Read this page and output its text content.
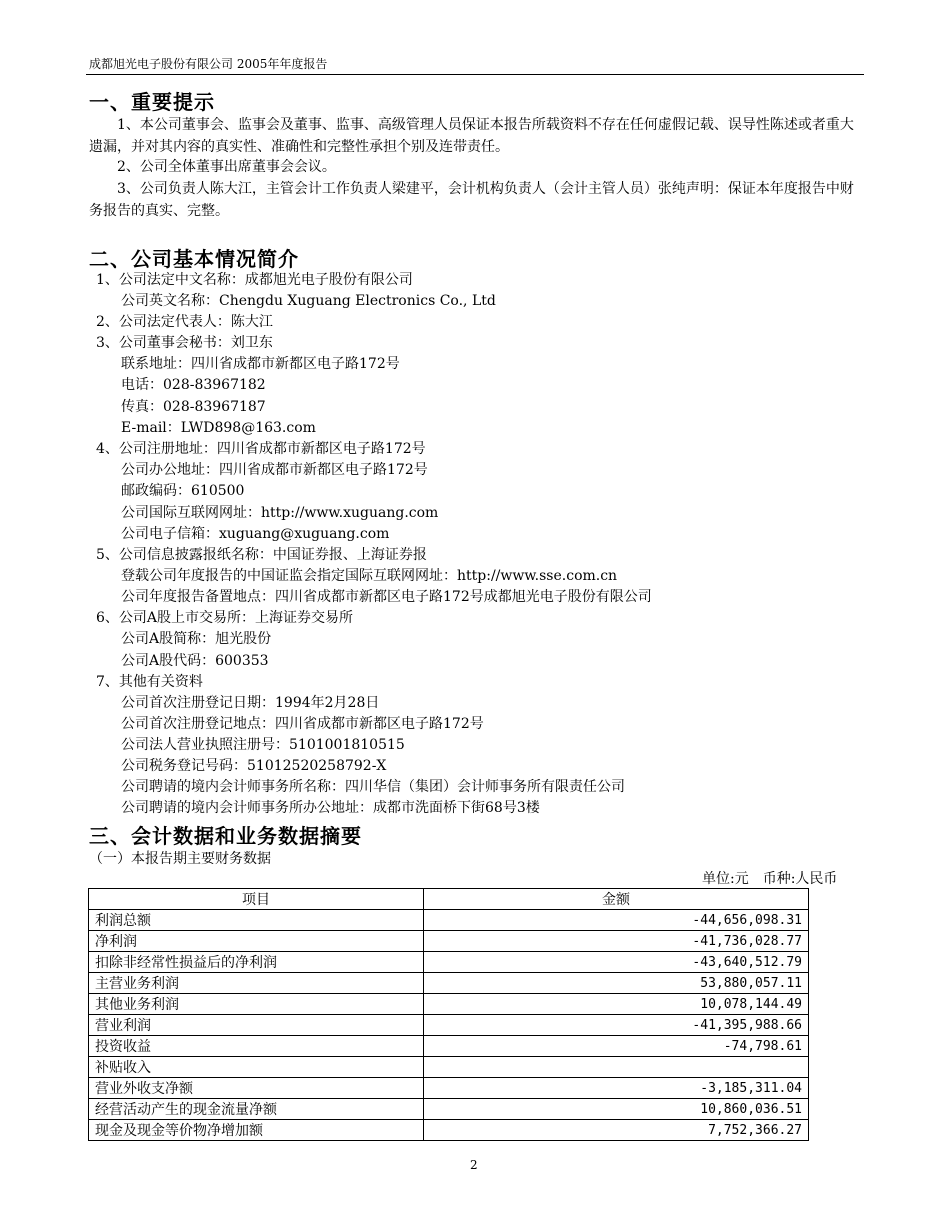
成都旭光电子股份有限公司 2005年年度报告
一、重要提示
1、本公司董事会、监事会及董事、监事、高级管理人员保证本报告所载资料不存在任何虚假记载、误导性陈述或者重大遗漏，并对其内容的真实性、准确性和完整性承担个别及连带责任。
2、公司全体董事出席董事会会议。
3、公司负责人陈大江，主管会计工作负责人梁建平，会计机构负责人（会计主管人员）张纯声明：保证本年度报告中财务报告的真实、完整。
二、公司基本情况简介
1、公司法定中文名称：成都旭光电子股份有限公司
公司英文名称：Chengdu Xuguang Electronics Co., Ltd
2、公司法定代表人：陈大江
3、公司董事会秘书：刘卫东
联系地址：四川省成都市新都区电子路172号
电话：028-83967182
传真：028-83967187
E-mail：LWD898@163.com
4、公司注册地址：四川省成都市新都区电子路172号
公司办公地址：四川省成都市新都区电子路172号
邮政编码：610500
公司国际互联网网址：http://www.xuguang.com
公司电子信箱：xuguang@xuguang.com
5、公司信息披露报纸名称：中国证券报、上海证券报
登载公司年度报告的中国证监会指定国际互联网网址：http://www.sse.com.cn
公司年度报告备置地点：四川省成都市新都区电子路172号成都旭光电子股份有限公司
6、公司A股上市交易所：上海证券交易所
公司A股简称：旭光股份
公司A股代码：600353
7、其他有关资料
公司首次注册登记日期：1994年2月28日
公司首次注册登记地点：四川省成都市新都区电子路172号
公司法人营业执照注册号：5101001810515
公司税务登记号码：51012520258792-X
公司聘请的境内会计师事务所名称：四川华信（集团）会计师事务所有限责任公司
公司聘请的境内会计师事务所办公地址：成都市洗面桥下街68号3楼
三、会计数据和业务数据摘要
（一）本报告期主要财务数据
单位:元　币种:人民币
项目	金额
利润总额	-44,656,098.31
净利润	-41,736,028.77
扣除非经常性损益后的净利润	-43,640,512.79
主营业务利润	53,880,057.11
其他业务利润	10,078,144.49
营业利润	-41,395,988.66
投资收益	-74,798.61
补贴收入	
营业外收支净额	-3,185,311.04
经营活动产生的现金流量净额	10,860,036.51
现金及现金等价物净增加额	7,752,366.27
2
